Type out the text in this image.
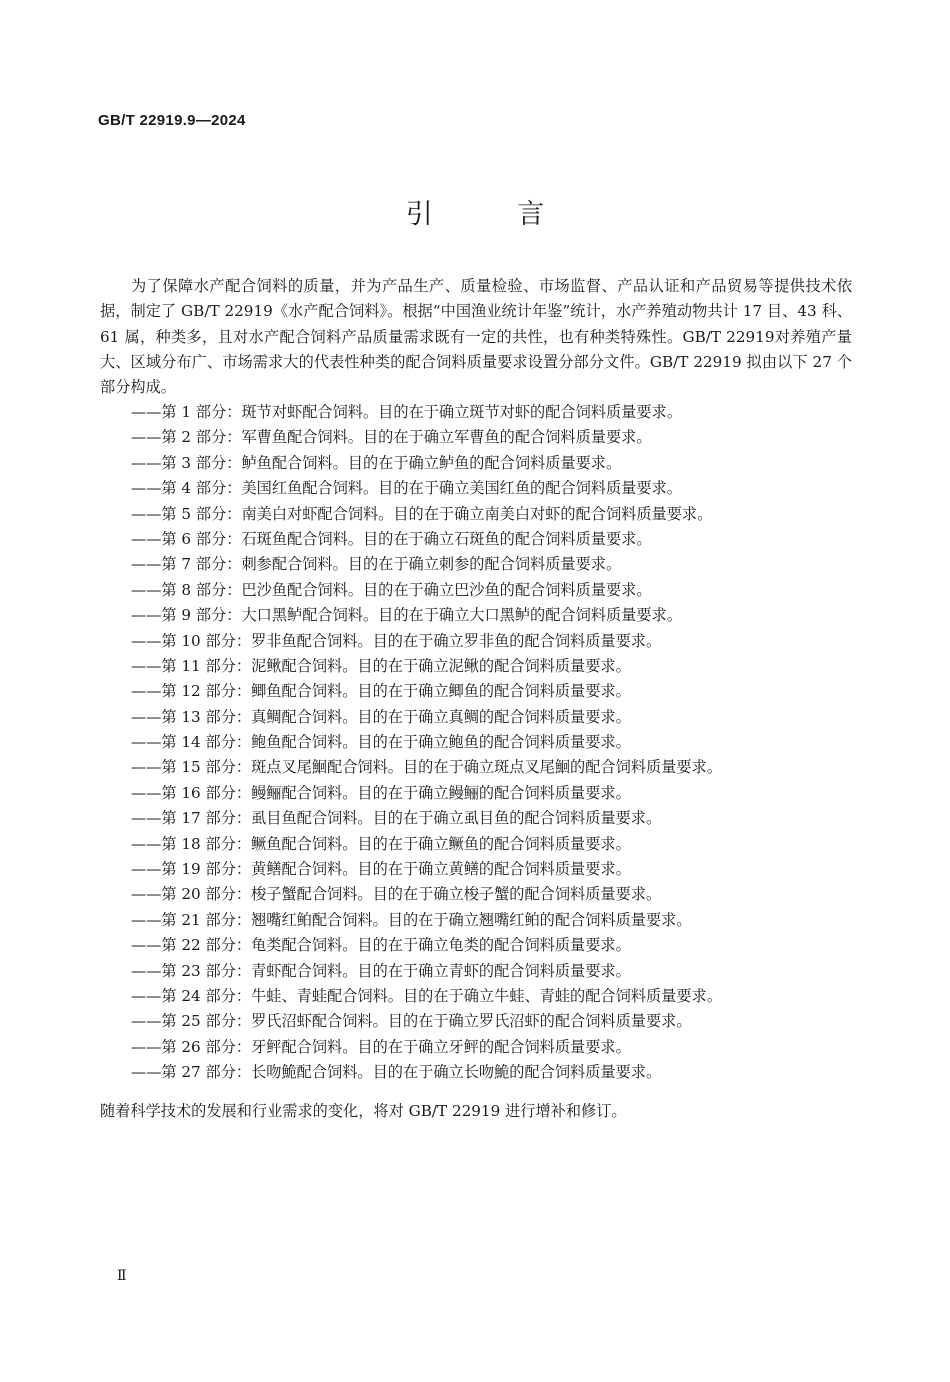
GB/T 22919.9—2024
引 言

为了保障水产配合饲料的质量，并为产品生产、质量检验、市场监督、产品认证和产品贸易等提供技术依据，制定了 GB/T 22919《水产配合饲料》。根据“中国渔业统计年鉴”统计，水产养殖动物共计 17 目、43 科、61 属，种类多，且对水产配合饲料产品质量需求既有一定的共性，也有种类特殊性。GB/T 22919对养殖产量大、区域分布广、市场需求大的代表性种类的配合饲料质量要求设置分部分文件。GB/T 22919 拟由以下 27 个部分构成。

——第 1 部分：斑节对虾配合饲料。目的在于确立斑节对虾的配合饲料质量要求。
——第 2 部分：军曹鱼配合饲料。目的在于确立军曹鱼的配合饲料质量要求。
——第 3 部分：鲈鱼配合饲料。目的在于确立鲈鱼的配合饲料质量要求。
——第 4 部分：美国红鱼配合饲料。目的在于确立美国红鱼的配合饲料质量要求。
——第 5 部分：南美白对虾配合饲料。目的在于确立南美白对虾的配合饲料质量要求。
——第 6 部分：石斑鱼配合饲料。目的在于确立石斑鱼的配合饲料质量要求。
——第 7 部分：刺参配合饲料。目的在于确立刺参的配合饲料质量要求。
——第 8 部分：巴沙鱼配合饲料。目的在于确立巴沙鱼的配合饲料质量要求。
——第 9 部分：大口黑鲈配合饲料。目的在于确立大口黑鲈的配合饲料质量要求。
——第 10 部分：罗非鱼配合饲料。目的在于确立罗非鱼的配合饲料质量要求。
——第 11 部分：泥鳅配合饲料。目的在于确立泥鳅的配合饲料质量要求。
——第 12 部分：鲫鱼配合饲料。目的在于确立鲫鱼的配合饲料质量要求。
——第 13 部分：真鲷配合饲料。目的在于确立真鲷的配合饲料质量要求。
——第 14 部分：鲍鱼配合饲料。目的在于确立鲍鱼的配合饲料质量要求。
——第 15 部分：斑点叉尾鮰配合饲料。目的在于确立斑点叉尾鮰的配合饲料质量要求。
——第 16 部分：鳗鲡配合饲料。目的在于确立鳗鲡的配合饲料质量要求。
——第 17 部分：虱目鱼配合饲料。目的在于确立虱目鱼的配合饲料质量要求。
——第 18 部分：鳜鱼配合饲料。目的在于确立鳜鱼的配合饲料质量要求。
——第 19 部分：黄鳝配合饲料。目的在于确立黄鳝的配合饲料质量要求。
——第 20 部分：梭子蟹配合饲料。目的在于确立梭子蟹的配合饲料质量要求。
——第 21 部分：翘嘴红鲌配合饲料。目的在于确立翘嘴红鲌的配合饲料质量要求。
——第 22 部分：龟类配合饲料。目的在于确立龟类的配合饲料质量要求。
——第 23 部分：青虾配合饲料。目的在于确立青虾的配合饲料质量要求。
——第 24 部分：牛蛙、青蛙配合饲料。目的在于确立牛蛙、青蛙的配合饲料质量要求。
——第 25 部分：罗氏沼虾配合饲料。目的在于确立罗氏沼虾的配合饲料质量要求。
——第 26 部分：牙鲆配合饲料。目的在于确立牙鲆的配合饲料质量要求。
——第 27 部分：长吻鮠配合饲料。目的在于确立长吻鮠的配合饲料质量要求。

随着科学技术的发展和行业需求的变化，将对 GB/T 22919 进行增补和修订。

Ⅱ
